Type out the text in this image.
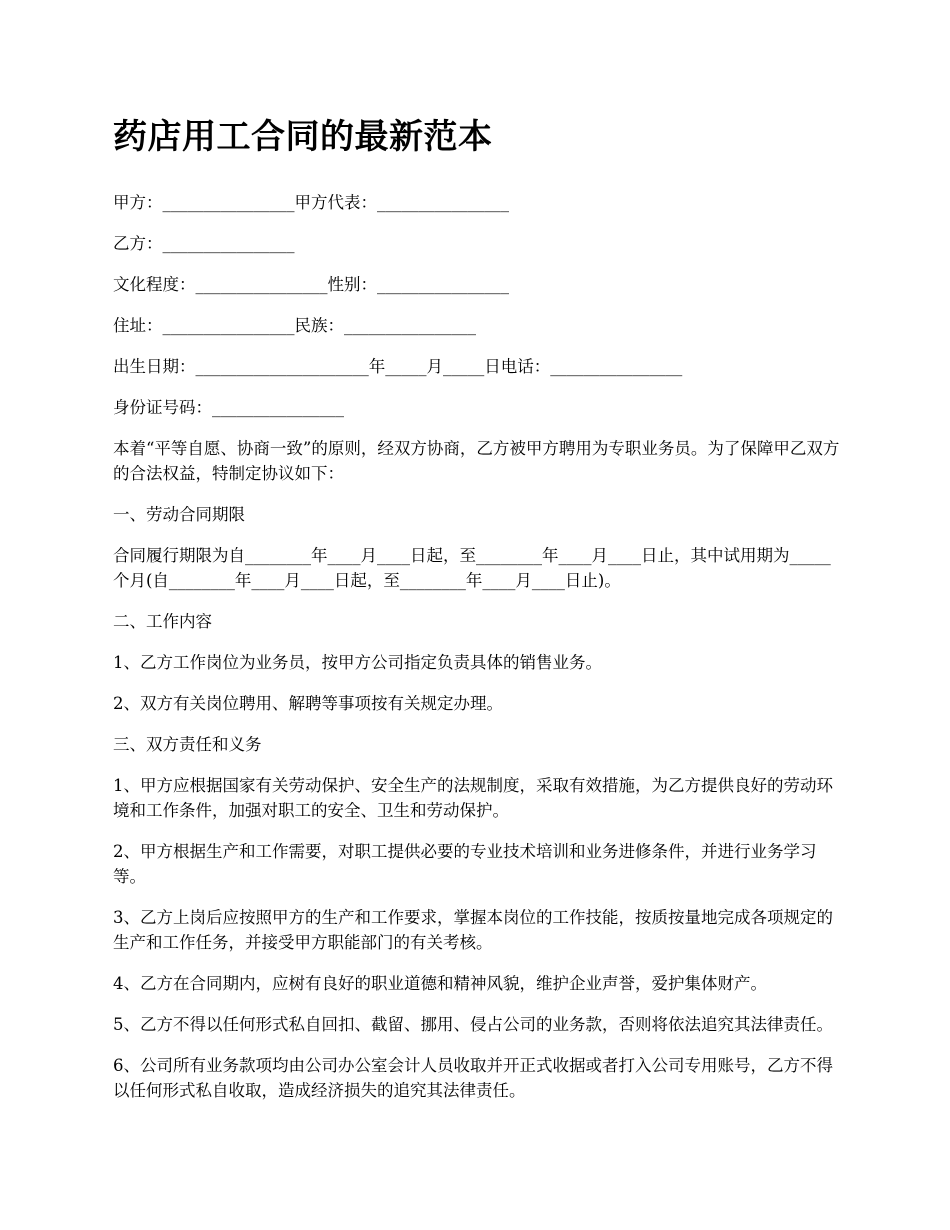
药店用工合同的最新范本

甲方：________________甲方代表：________________

乙方：________________

文化程度：________________性别：________________

住址：________________民族：________________

出生日期：_____________________年_____月_____日电话：________________

身份证号码：________________

本着“平等自愿、协商一致”的原则，经双方协商，乙方被甲方聘用为专职业务员。为了保障甲乙双方的合法权益，特制定协议如下：

一、劳动合同期限

合同履行期限为自________年____月____日起，至________年____月____日止，其中试用期为_____个月(自________年____月____日起，至________年____月____日止)。

二、工作内容

1、乙方工作岗位为业务员，按甲方公司指定负责具体的销售业务。

2、双方有关岗位聘用、解聘等事项按有关规定办理。

三、双方责任和义务

1、甲方应根据国家有关劳动保护、安全生产的法规制度，采取有效措施，为乙方提供良好的劳动环境和工作条件，加强对职工的安全、卫生和劳动保护。

2、甲方根据生产和工作需要，对职工提供必要的专业技术培训和业务进修条件，并进行业务学习等。

3、乙方上岗后应按照甲方的生产和工作要求，掌握本岗位的工作技能，按质按量地完成各项规定的生产和工作任务，并接受甲方职能部门的有关考核。

4、乙方在合同期内，应树有良好的职业道德和精神风貌，维护企业声誉，爱护集体财产。

5、乙方不得以任何形式私自回扣、截留、挪用、侵占公司的业务款，否则将依法追究其法律责任。

6、公司所有业务款项均由公司办公室会计人员收取并开正式收据或者打入公司专用账号，乙方不得以任何形式私自收取，造成经济损失的追究其法律责任。
